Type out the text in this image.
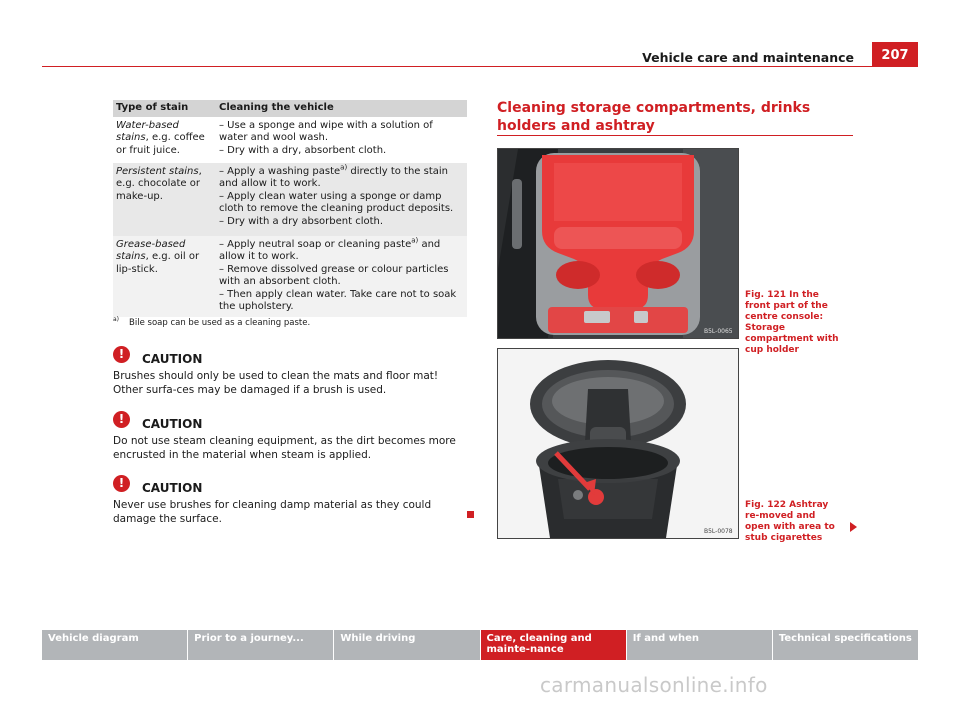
Vehicle care and maintenance	207
Type of stain	Cleaning the vehicle
Water-based stains, e.g. coffee or fruit juice.	– Use a sponge and wipe with a solution of water and wool wash.
– Dry with a dry, absorbent cloth.

Persistent stains, e.g. chocolate or make-up.	– Apply a washing paste$^{a)}$ directly to the stain and allow it to work.
– Apply clean water using a sponge or damp cloth to remove the cleaning product deposits.
– Dry with a dry absorbent cloth.

Grease-based stains, e.g. oil or lip-stick.	– Apply neutral soap or cleaning paste$^{a)}$ and allow it to work.
– Remove dissolved grease or colour particles with an absorbent cloth.
– Then apply clean water. Take care not to soak the upholstery.
$^{a)}$ Bile soap can be used as a cleaning paste.
!	CAUTION
Brushes should only be used to clean the mats and floor mat! Other surfa-ces may be damaged if a brush is used.
!	CAUTION
Do not use steam cleaning equipment, as the dirt becomes more encrusted in the material when steam is applied.
!	CAUTION
Never use brushes for cleaning damp material as they could damage the surface.
Cleaning storage compartments, drinks holders and ashtray
B5L-0065
Fig. 121 In the front part of the centre console: Storage compartment with cup holder
B5L-0078
Fig. 122 Ashtray re-moved and open with area to stub cigarettes
Vehicle diagram	Prior to a journey...	While driving	Care, cleaning and mainte-nance
If and when	Technical specifications
carmanualsonline.info
